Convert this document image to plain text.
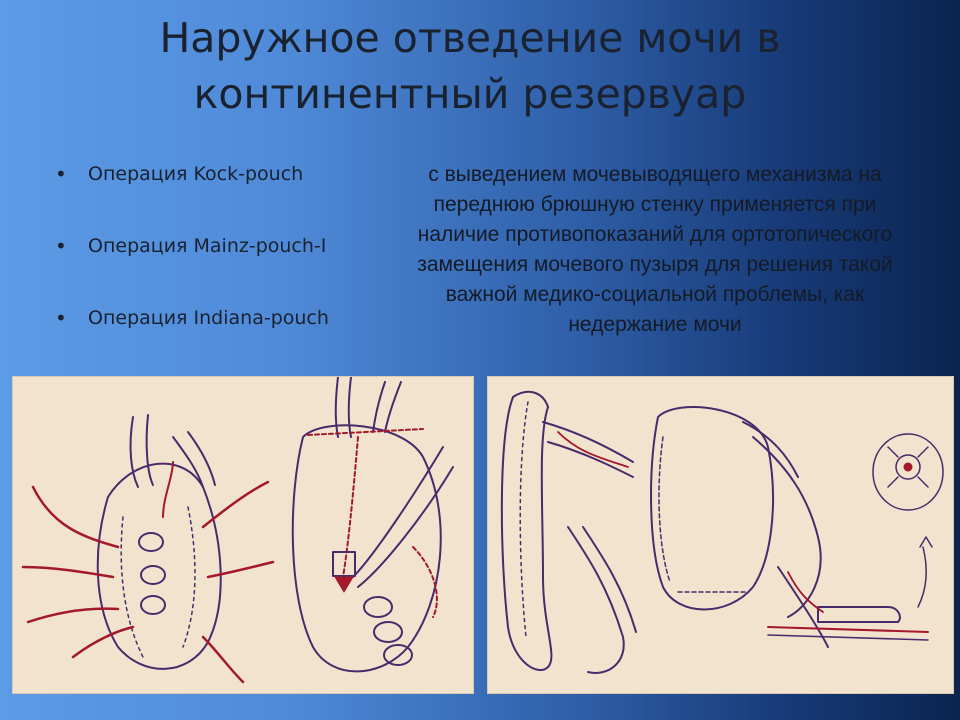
Наружное отведение мочи в
континентный резервуар
• Операция Kock-pouch
• Операция Mainz-pouch-I
• Операция Indiana-pouch
с выведением мочевыводящего механизма на переднюю брюшную стенку применяется при наличие противопоказаний для ортотопического замещения мочевого пузыря для решения такой важной медико-социальной проблемы, как недержание мочи
